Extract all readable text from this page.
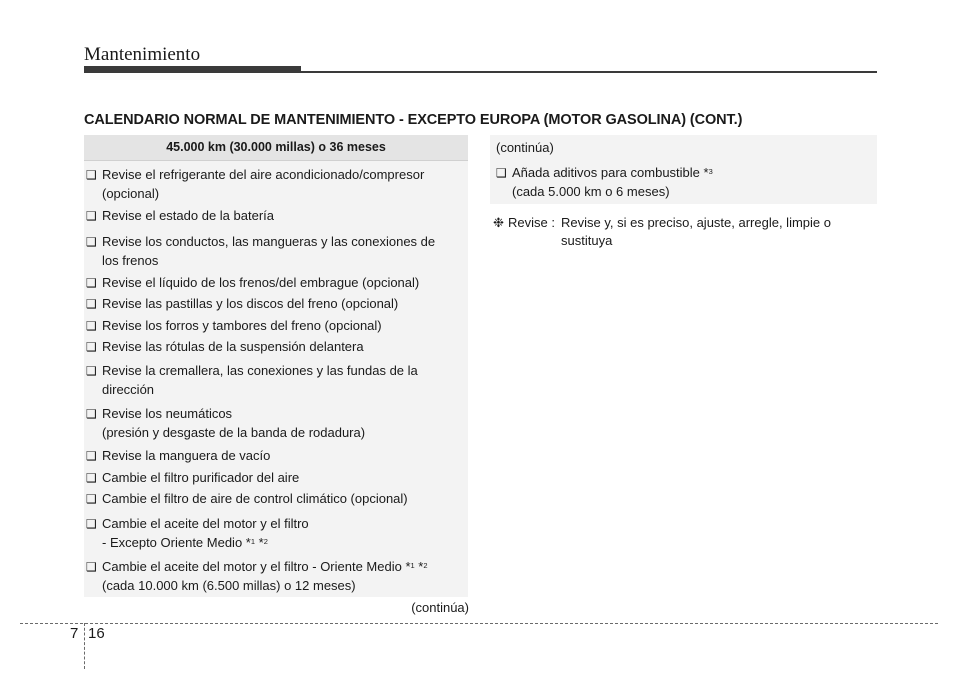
Mantenimiento
CALENDARIO NORMAL DE MANTENIMIENTO - EXCEPTO EUROPA (MOTOR GASOLINA) (CONT.)
45.000 km (30.000 millas) o 36 meses
❑ Revise el refrigerante del aire acondicionado/compresor
(opcional)
❑ Revise el estado de la batería
❑ Revise los conductos, las mangueras y las conexiones de
los frenos
❑ Revise el líquido de los frenos/del embrague (opcional)
❑ Revise las pastillas y los discos del freno (opcional)
❑ Revise los forros y tambores del freno (opcional)
❑ Revise las rótulas de la suspensión delantera
❑ Revise la cremallera, las conexiones y las fundas de la
dirección
❑ Revise los neumáticos
(presión y desgaste de la banda de rodadura)
❑ Revise la manguera de vacío
❑ Cambie el filtro purificador del aire
❑ Cambie el filtro de aire de control climático (opcional)
❑ Cambie el aceite del motor y el filtro
- Excepto Oriente Medio *$^1$ *$^2$
❑ Cambie el aceite del motor y el filtro - Oriente Medio *$^1$ *$^2$
(cada 10.000 km (6.500 millas) o 12 meses)
(continúa)
(continúa)
❑ Añada aditivos para combustible *$^3$
(cada 5.000 km o 6 meses)
❉ Revise : Revise y, si es preciso, ajuste, arregle, limpie o
sustituya
7 16
